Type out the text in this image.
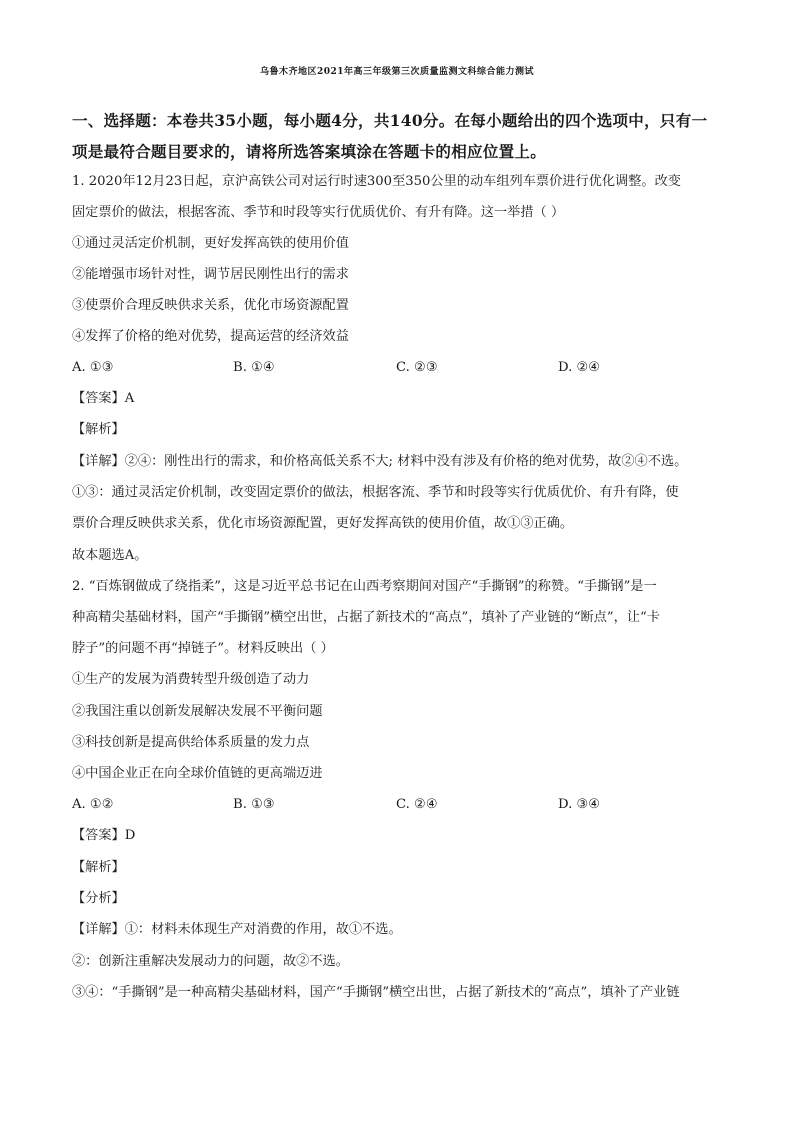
乌鲁木齐地区2021年高三年级第三次质量监测文科综合能力测试
一、选择题：本卷共35小题，每小题4分，共140分。在每小题给出的四个选项中，只有一
项是最符合题目要求的，请将所选答案填涂在答题卡的相应位置上。
1. 2020年12月23日起，京沪高铁公司对运行时速300至350公里的动车组列车票价进行优化调整。改变
固定票价的做法，根据客流、季节和时段等实行优质优价、有升有降。这一举措（ ）
①通过灵活定价机制，更好发挥高铁的使用价值
②能增强市场针对性，调节居民刚性出行的需求
③使票价合理反映供求关系，优化市场资源配置
④发挥了价格的绝对优势，提高运营的经济效益
A. ①③	B. ①④	C. ②③	D. ②④
【答案】A
【解析】
【详解】②④：刚性出行的需求，和价格高低关系不大; 材料中没有涉及有价格的绝对优势，故②④不选。
①③：通过灵活定价机制，改变固定票价的做法，根据客流、季节和时段等实行优质优价、有升有降，使
票价合理反映供求关系，优化市场资源配置，更好发挥高铁的使用价值，故①③正确。
故本题选A。
2. “百炼钢做成了绕指柔”，这是习近平总书记在山西考察期间对国产“手撕钢”的称赞。“手撕钢”是一
种高精尖基础材料，国产“手撕钢”横空出世，占据了新技术的“高点”，填补了产业链的“断点”，让“卡
脖子”的问题不再“掉链子”。材料反映出（ ）
①生产的发展为消费转型升级创造了动力
②我国注重以创新发展解决发展不平衡问题
③科技创新是提高供给体系质量的发力点
④中国企业正在向全球价值链的更高端迈进
A. ①②	B. ①③	C. ②④	D. ③④
【答案】D
【解析】
【分析】
【详解】①：材料未体现生产对消费的作用，故①不选。
②：创新注重解决发展动力的问题，故②不选。
③④：“手撕钢”是一种高精尖基础材料，国产“手撕钢”横空出世，占据了新技术的“高点”，填补了产业链
